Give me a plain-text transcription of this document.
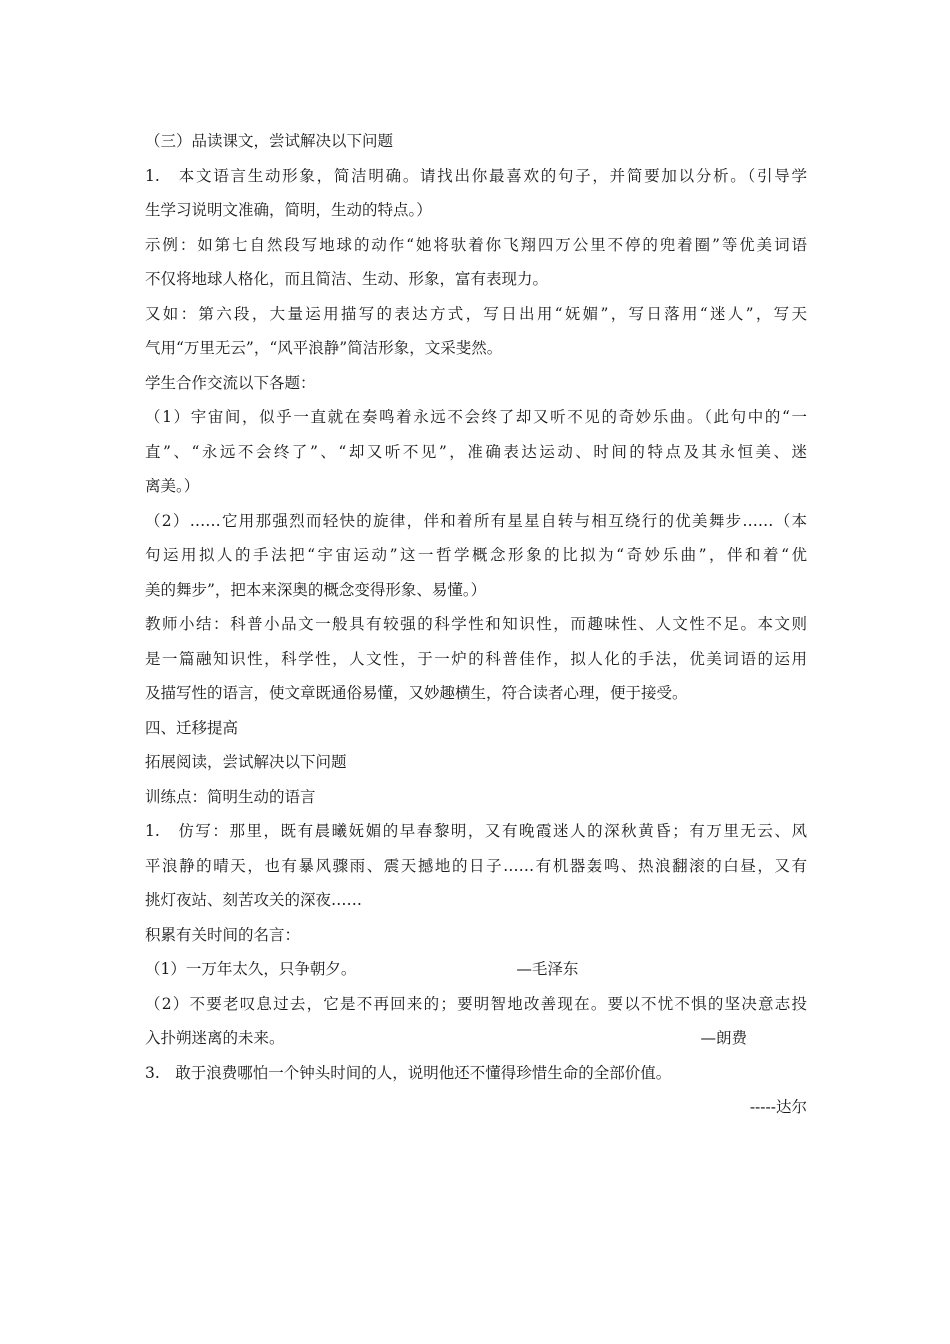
（三）品读课文，尝试解决以下问题
1.　本文语言生动形象，简洁明确。请找出你最喜欢的句子，并简要加以分析。（引导学
生学习说明文准确，简明，生动的特点。）
示例：如第七自然段写地球的动作“她将驮着你飞翔四万公里不停的兜着圈”等优美词语
不仅将地球人格化，而且简洁、生动、形象，富有表现力。
又如：第六段，大量运用描写的表达方式，写日出用“妩媚”，写日落用“迷人”，写天
气用“万里无云”，“风平浪静”简洁形象，文采斐然。
学生合作交流以下各题：
（1）宇宙间，似乎一直就在奏鸣着永远不会终了却又听不见的奇妙乐曲。（此句中的“一
直”、“永远不会终了”、“却又听不见”，准确表达运动、时间的特点及其永恒美、迷
离美。）
（2）……它用那强烈而轻快的旋律，伴和着所有星星自转与相互绕行的优美舞步……（本
句运用拟人的手法把“宇宙运动”这一哲学概念形象的比拟为“奇妙乐曲”，伴和着“优
美的舞步”，把本来深奥的概念变得形象、易懂。）
教师小结：科普小品文一般具有较强的科学性和知识性，而趣味性、人文性不足。本文则
是一篇融知识性，科学性，人文性，于一炉的科普佳作，拟人化的手法，优美词语的运用
及描写性的语言，使文章既通俗易懂，又妙趣横生，符合读者心理，便于接受。
四、迁移提高
拓展阅读，尝试解决以下问题
训练点：简明生动的语言
1.　仿写：那里，既有晨曦妩媚的早春黎明，又有晚霞迷人的深秋黄昏；有万里无云、风
平浪静的晴天，也有暴风骤雨、震天撼地的日子……有机器轰鸣、热浪翻滚的白昼，又有
挑灯夜站、刻苦攻关的深夜……
积累有关时间的名言：
（1）一万年太久，只争朝夕。	—毛泽东
（2）不要老叹息过去，它是不再回来的；要明智地改善现在。要以不忧不惧的坚决意志投
入扑朔迷离的未来。	—朗费
3.　敢于浪费哪怕一个钟头时间的人，说明他还不懂得珍惜生命的全部价值。
-----达尔
